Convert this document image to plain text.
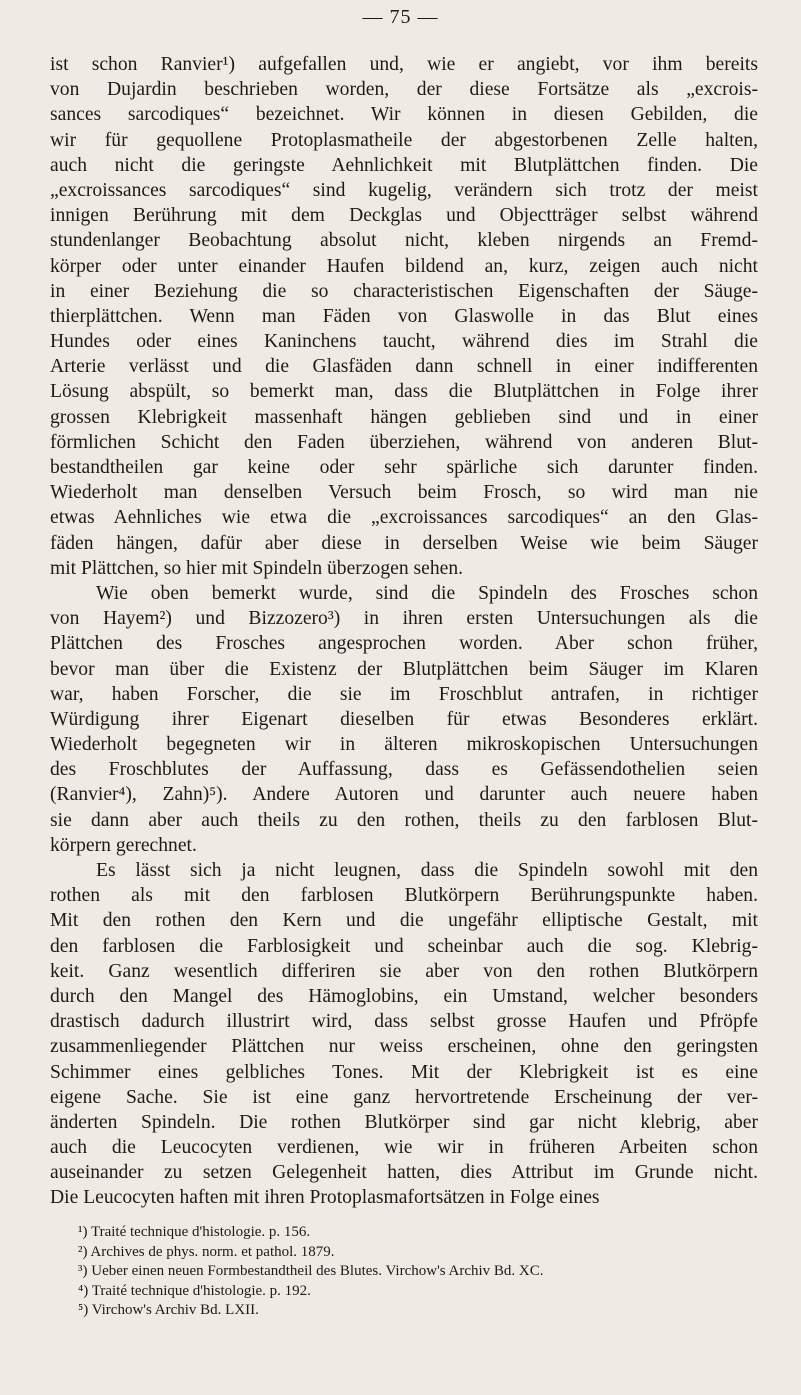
— 75 —
ist schon Ranvier¹) aufgefallen und, wie er angiebt, vor ihm bereits
von Dujardin beschrieben worden, der diese Fortsätze als „excrois-
sances sarcodiques“ bezeichnet. Wir können in diesen Gebilden, die
wir für gequollene Protoplasmatheile der abgestorbenen Zelle halten,
auch nicht die geringste Aehnlichkeit mit Blutplättchen finden. Die
„excroissances sarcodiques“ sind kugelig, verändern sich trotz der meist
innigen Berührung mit dem Deckglas und Objectträger selbst während
stundenlanger Beobachtung absolut nicht, kleben nirgends an Fremd-
körper oder unter einander Haufen bildend an, kurz, zeigen auch nicht
in einer Beziehung die so characteristischen Eigenschaften der Säuge-
thierplättchen. Wenn man Fäden von Glaswolle in das Blut eines
Hundes oder eines Kaninchens taucht, während dies im Strahl die
Arterie verlässt und die Glasfäden dann schnell in einer indifferenten
Lösung abspült, so bemerkt man, dass die Blutplättchen in Folge ihrer
grossen Klebrigkeit massenhaft hängen geblieben sind und in einer
förmlichen Schicht den Faden überziehen, während von anderen Blut-
bestandtheilen gar keine oder sehr spärliche sich darunter finden.
Wiederholt man denselben Versuch beim Frosch, so wird man nie
etwas Aehnliches wie etwa die „excroissances sarcodiques“ an den Glas-
fäden hängen, dafür aber diese in derselben Weise wie beim Säuger
mit Plättchen, so hier mit Spindeln überzogen sehen.
Wie oben bemerkt wurde, sind die Spindeln des Frosches schon
von Hayem²) und Bizzozero³) in ihren ersten Untersuchungen als die
Plättchen des Frosches angesprochen worden. Aber schon früher,
bevor man über die Existenz der Blutplättchen beim Säuger im Klaren
war, haben Forscher, die sie im Froschblut antrafen, in richtiger
Würdigung ihrer Eigenart dieselben für etwas Besonderes erklärt.
Wiederholt begegneten wir in älteren mikroskopischen Untersuchungen
des Froschblutes der Auffassung, dass es Gefässendothelien seien
(Ranvier⁴), Zahn)⁵). Andere Autoren und darunter auch neuere haben
sie dann aber auch theils zu den rothen, theils zu den farblosen Blut-
körpern gerechnet.
Es lässt sich ja nicht leugnen, dass die Spindeln sowohl mit den
rothen als mit den farblosen Blutkörpern Berührungspunkte haben.
Mit den rothen den Kern und die ungefähr elliptische Gestalt, mit
den farblosen die Farblosigkeit und scheinbar auch die sog. Klebrig-
keit. Ganz wesentlich differiren sie aber von den rothen Blutkörpern
durch den Mangel des Hämoglobins, ein Umstand, welcher besonders
drastisch dadurch illustrirt wird, dass selbst grosse Haufen und Pfröpfe
zusammenliegender Plättchen nur weiss erscheinen, ohne den geringsten
Schimmer eines gelbliches Tones. Mit der Klebrigkeit ist es eine
eigene Sache. Sie ist eine ganz hervortretende Erscheinung der ver-
änderten Spindeln. Die rothen Blutkörper sind gar nicht klebrig, aber
auch die Leucocyten verdienen, wie wir in früheren Arbeiten schon
auseinander zu setzen Gelegenheit hatten, dies Attribut im Grunde nicht.
Die Leucocyten haften mit ihren Protoplasmafortsätzen in Folge eines
¹) Traité technique d'histologie. p. 156.
²) Archives de phys. norm. et pathol. 1879.
³) Ueber einen neuen Formbestandtheil des Blutes. Virchow's Archiv Bd. XC.
⁴) Traité technique d'histologie. p. 192.
⁵) Virchow's Archiv Bd. LXII.
